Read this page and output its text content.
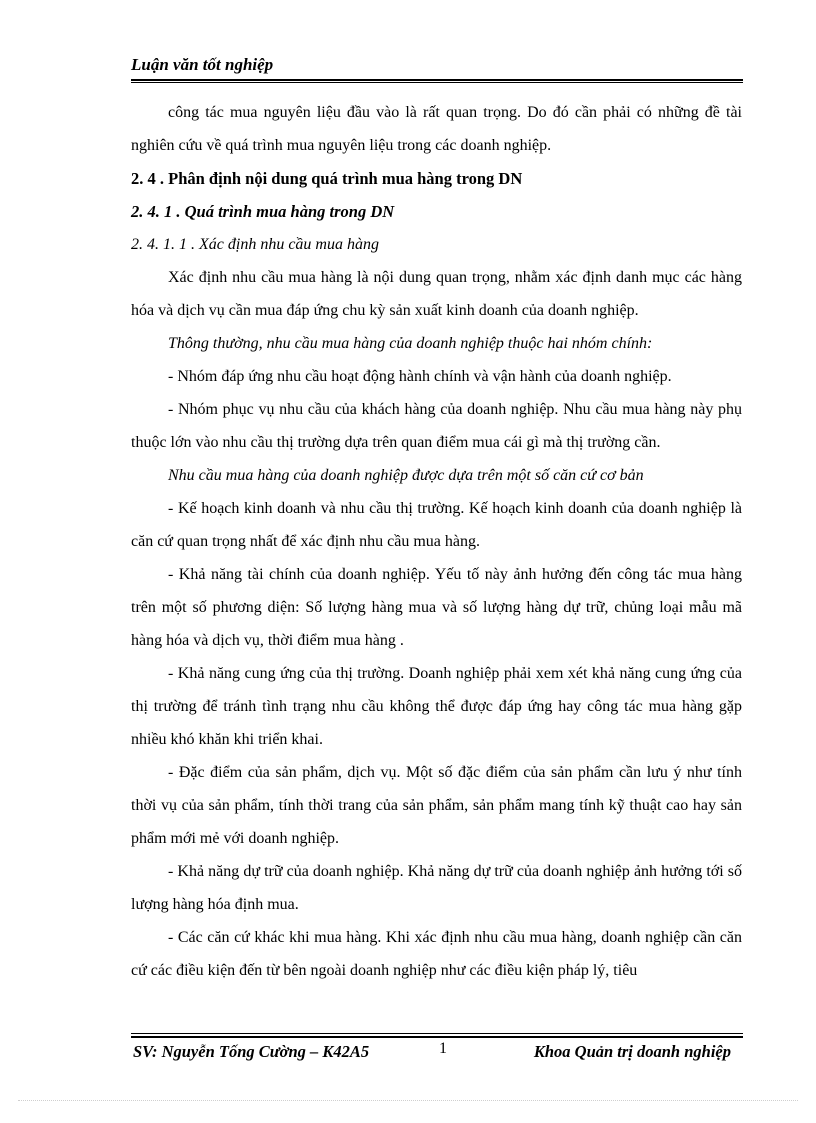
Luận văn tốt nghiệp

công tác mua nguyên liệu đầu vào là rất quan trọng. Do đó cần phải có những đề tài nghiên cứu về quá trình mua nguyên liệu trong các doanh nghiệp.

2. 4 . Phân định nội dung quá trình mua hàng trong DN

2. 4. 1 . Quá trình mua hàng trong DN

2. 4. 1. 1 . Xác định nhu cầu mua hàng

Xác định nhu cầu mua hàng là nội dung quan trọng, nhằm xác định danh mục các hàng hóa và dịch vụ cần mua đáp ứng chu kỳ sản xuất kinh doanh của doanh nghiệp.

Thông thường, nhu cầu mua hàng của doanh nghiệp thuộc hai nhóm chính:

- Nhóm đáp ứng nhu cầu hoạt động hành chính và vận hành của doanh nghiệp.

- Nhóm phục vụ nhu cầu của khách hàng của doanh nghiệp. Nhu cầu mua hàng này phụ thuộc lớn vào nhu cầu thị trường dựa trên quan điểm mua cái gì mà thị trường cần.

Nhu cầu mua hàng của doanh nghiệp được dựa trên một số căn cứ cơ bản

- Kế hoạch kinh doanh và nhu cầu thị trường. Kế hoạch kinh doanh của doanh nghiệp là căn cứ quan trọng nhất để xác định nhu cầu mua hàng.

- Khả năng tài chính của doanh nghiệp. Yếu tố này ảnh hưởng đến công tác mua hàng trên một số phương diện: Số lượng hàng mua và số lượng hàng dự trữ, chủng loại mẫu mã hàng hóa và dịch vụ, thời điểm mua hàng .

- Khả năng cung ứng của thị trường. Doanh nghiệp phải xem xét khả năng cung ứng của thị trường để tránh tình trạng nhu cầu không thể được đáp ứng hay công tác mua hàng gặp nhiều khó khăn khi triển khai.

- Đặc điểm của sản phẩm, dịch vụ. Một số đặc điểm của sản phẩm cần lưu ý như tính thời vụ của sản phẩm, tính thời trang của sản phẩm, sản phẩm mang tính kỹ thuật cao hay sản phẩm mới mẻ với doanh nghiệp.

- Khả năng dự trữ của doanh nghiệp. Khả năng dự trữ của doanh nghiệp ảnh hưởng tới số lượng hàng hóa định mua.

- Các căn cứ khác khi mua hàng. Khi xác định nhu cầu mua hàng, doanh nghiệp cần căn cứ các điều kiện đến từ bên ngoài doanh nghiệp như các điều kiện pháp lý, tiêu

SV: Nguyễn Tống Cường – K42A5	1	Khoa Quản trị doanh nghiệp
